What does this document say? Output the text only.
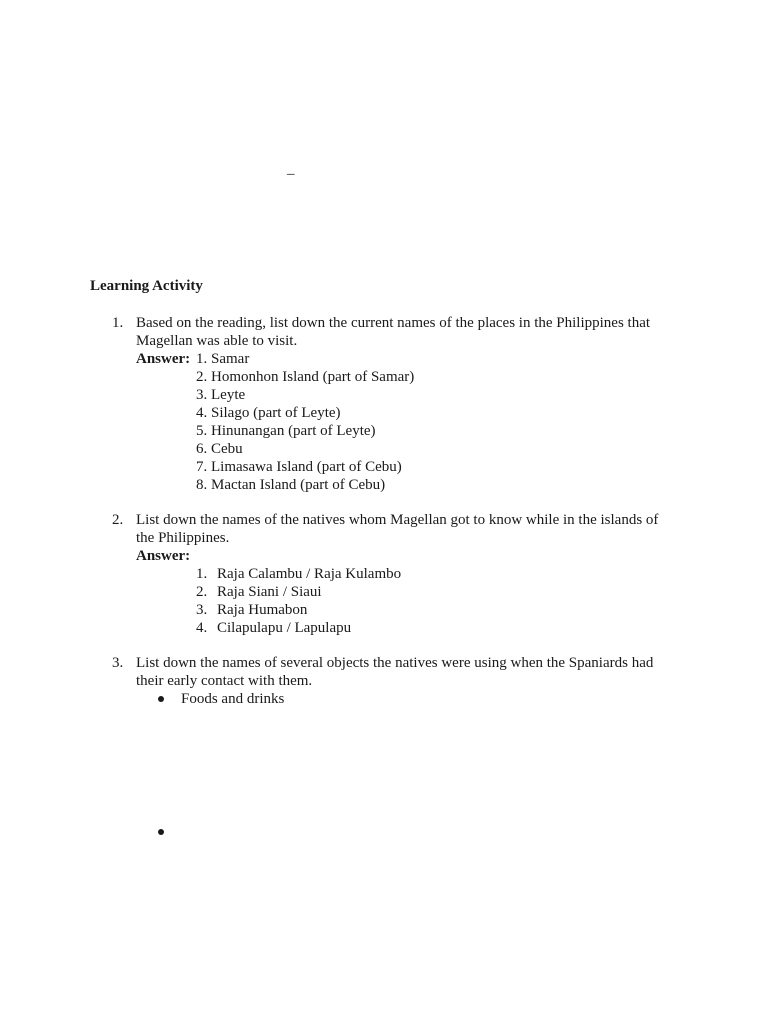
_
Learning Activity
1. Based on the reading, list down the current names of the places in the Philippines that
Magellan was able to visit.
Answer: 1. Samar
2. Homonhon Island (part of Samar)
3. Leyte
4. Silago (part of Leyte)
5. Hinunangan (part of Leyte)
6. Cebu
7. Limasawa Island (part of Cebu)
8. Mactan Island (part of Cebu)
2. List down the names of the natives whom Magellan got to know while in the islands of
the Philippines.
Answer:
1. Raja Calambu / Raja Kulambo
2. Raja Siani / Siaui
3. Raja Humabon
4. Cilapulapu / Lapulapu
3. List down the names of several objects the natives were using when the Spaniards had
their early contact with them.
Foods and drinks
